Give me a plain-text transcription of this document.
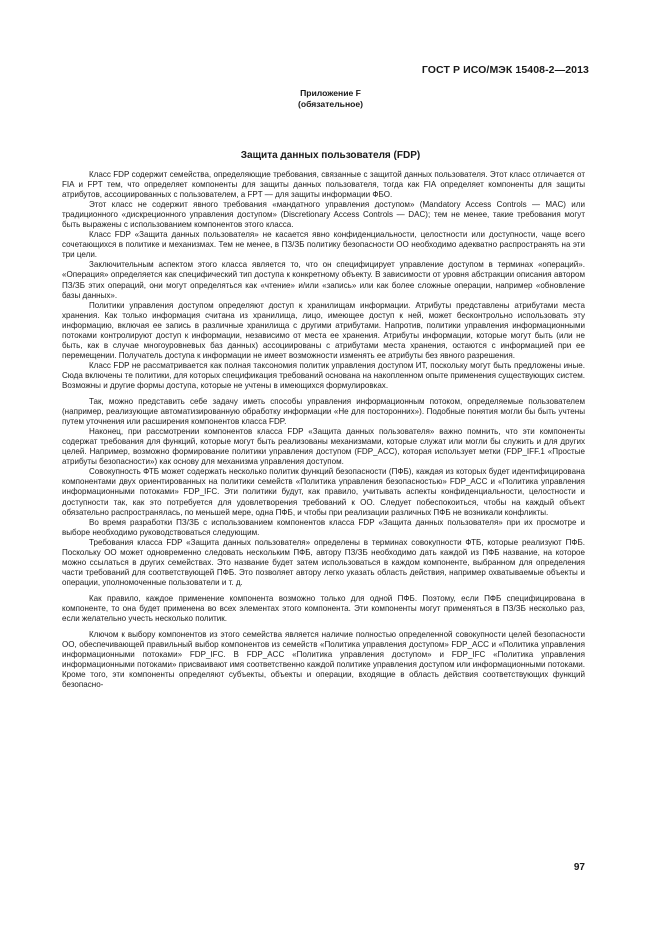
ГОСТ Р ИСО/МЭК 15408-2—2013
Приложение F
(обязательное)
Защита данных пользователя (FDP)

Класс FDP содержит семейства, определяющие требования, связанные с защитой данных пользователя. Этот класс отличается от FIA и FPT тем, что определяет компоненты для защиты данных пользователя, тогда как FIA определяет компоненты для защиты атрибутов, ассоциированных с пользователем, а FPT — для защиты информации ФБО.

Этот класс не содержит явного требования «мандатного управления доступом» (Mandatory Access Controls — MAC) или традиционного «дискреционного управления доступом» (Discretionary Access Controls — DAC); тем не менее, такие требования могут быть выражены с использованием компонентов этого класса.

Класс FDP «Защита данных пользователя» не касается явно конфиденциальности, целостности или доступности, чаще всего сочетающихся в политике и механизмах. Тем не менее, в ПЗ/ЗБ политику безопасности ОО необходимо адекватно распространять на эти три цели.

Заключительным аспектом этого класса является то, что он специфицирует управление доступом в терминах «операций». «Операция» определяется как специфический тип доступа к конкретному объекту. В зависимости от уровня абстракции описания автором ПЗ/ЗБ этих операций, они могут определяться как «чтение» и/или «запись» или как более сложные операции, например «обновление базы данных».

Политики управления доступом определяют доступ к хранилищам информации. Атрибуты представлены атрибутами места хранения. Как только информация считана из хранилища, лицо, имеющее доступ к ней, может бесконтрольно использовать эту информацию, включая ее запись в различные хранилища с другими атрибутами. Напротив, политики управления информационными потоками контролируют доступ к информации, независимо от места ее хранения. Атрибуты информации, которые могут быть (или не быть, как в случае многоуровневых баз данных) ассоциированы с атрибутами места хранения, остаются с информацией при ее перемещении. Получатель доступа к информации не имеет возможности изменять ее атрибуты без явного разрешения.

Класс FDP не рассматривается как полная таксономия политик управления доступом ИТ, поскольку могут быть предложены иные. Сюда включены те политики, для которых спецификация требований основана на накопленном опыте применения существующих систем. Возможны и другие формы доступа, которые не учтены в имеющихся формулировках.

Так, можно представить себе задачу иметь способы управления информационным потоком, определяемые пользователем (например, реализующие автоматизированную обработку информации «Не для посторонних»). Подобные понятия могли бы быть учтены путем уточнения или расширения компонентов класса FDP.

Наконец, при рассмотрении компонентов класса FDP «Защита данных пользователя» важно помнить, что эти компоненты содержат требования для функций, которые могут быть реализованы механизмами, которые служат или могли бы служить и для других целей. Например, возможно формирование политики управления доступом (FDP_ACC), которая использует метки (FDP_IFF.1 «Простые атрибуты безопасности») как основу для механизма управления доступом.

Совокупность ФТБ может содержать несколько политик функций безопасности (ПФБ), каждая из которых будет идентифицирована компонентами двух ориентированных на политики семейств «Политика управления безопасностью» FDP_ACC и «Политика управления информационными потоками» FDP_IFC. Эти политики будут, как правило, учитывать аспекты конфиденциальности, целостности и доступности так, как это потребуется для удовлетворения требований к ОО. Следует побеспокоиться, чтобы на каждый объект обязательно распространялась, по меньшей мере, одна ПФБ, и чтобы при реализации различных ПФБ не возникали конфликты.

Во время разработки ПЗ/ЗБ с использованием компонентов класса FDP «Защита данных пользователя» при их просмотре и выборе необходимо руководствоваться следующим.

Требования класса FDP «Защита данных пользователя» определены в терминах совокупности ФТБ, которые реализуют ПФБ. Поскольку ОО может одновременно следовать нескольким ПФБ, автору ПЗ/ЗБ необходимо дать каждой из ПФБ название, на которое можно ссылаться в других семействах. Это название будет затем использоваться в каждом компоненте, выбранном для определения части требований для соответствующей ПФБ. Это позволяет автору легко указать область действия, например охватываемые объекты и операции, уполномоченные пользователи и т. д.

Как правило, каждое применение компонента возможно только для одной ПФБ. Поэтому, если ПФБ специфицирована в компоненте, то она будет применена во всех элементах этого компонента. Эти компоненты могут применяться в ПЗ/ЗБ несколько раз, если желательно учесть несколько политик.

Ключом к выбору компонентов из этого семейства является наличие полностью определенной совокупности целей безопасности ОО, обеспечивающей правильный выбор компонентов из семейств «Политика управления доступом» FDP_ACC и «Политика управления информационными потоками» FDP_IFC. В FDP_ACC «Политика управления доступом» и FDP_IFC «Политика управления информационными потоками» присваивают имя соответственно каждой политике управления доступом или информационными потоками. Кроме того, эти компоненты определяют субъекты, объекты и операции, входящие в область действия соответствующих функций безопасно-

97
